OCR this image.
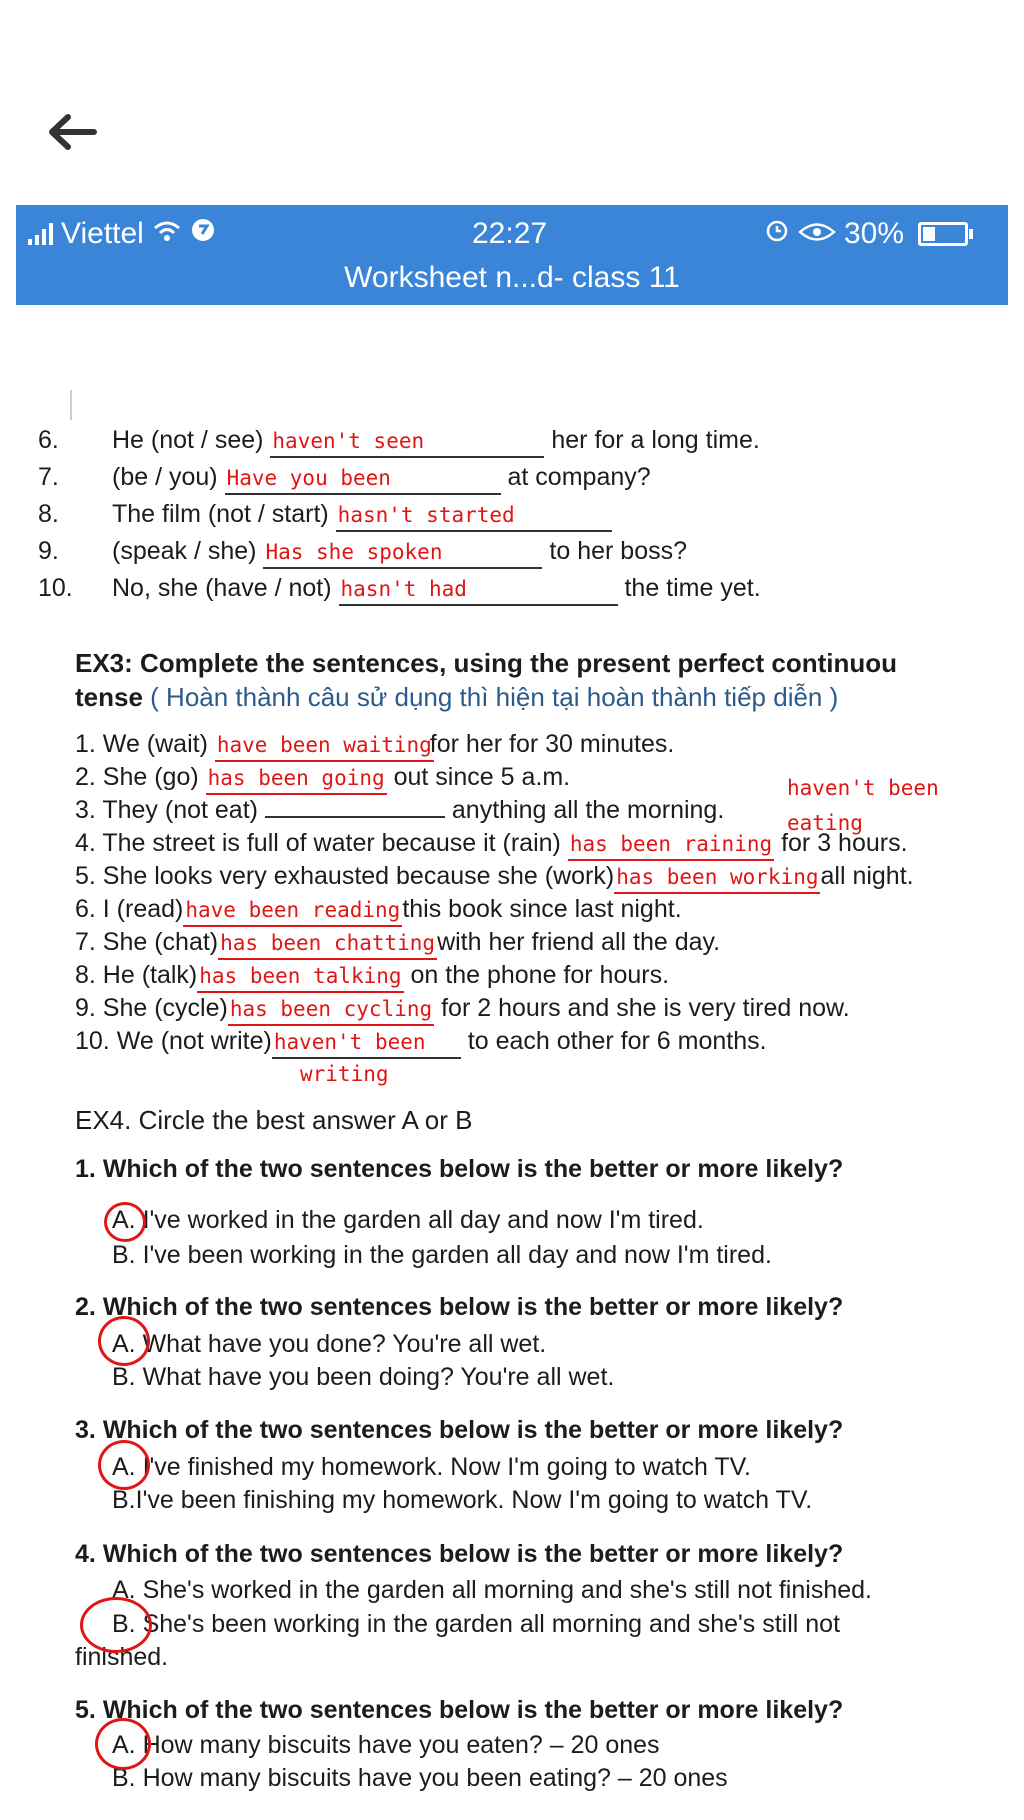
Viettel	22:27	30%
Worksheet n...d- class 11
6. He (not / see) haven't seen	her for a long time.
7. (be / you) Have you been	at company?
8. The film (not / start) hasn't started
9. (speak / she) Has she spoken	to her boss?
10. No, she (have / not) hasn't had	the time yet.
EX3: Complete the sentences, using the present perfect continuou
tense ( Hoàn thành câu sử dụng thì hiện tại hoàn thành tiếp diễn )
1. We (wait) have been waitingfor her for 30 minutes.
2. She (go) has been going out since 5 a.m.
3. They (not eat)	anything all the morning.
4. The street is full of water because it (rain) has been raining for 3 hours.
5. She looks very exhausted because she (work)has been workingall night.
6. I (read)have been readingthis book since last night.
7. She (chat)has been chattingwith her friend all the day.
8. He (talk)has been talking on the phone for hours.
9. She (cycle)has been cycling for 2 hours and she is very tired now.
10. We (not write)haven't been to each other for 6 months.
haven't been
eating
writing
EX4. Circle the best answer A or B
1. Which of the two sentences below is the better or more likely?
A. I've worked in the garden all day and now I'm tired.
B. I've been working in the garden all day and now I'm tired.
2. Which of the two sentences below is the better or more likely?
A. What have you done? You're all wet.
B. What have you been doing? You're all wet.
3. Which of the two sentences below is the better or more likely?
A. I've finished my homework. Now I'm going to watch TV.
B.I've been finishing my homework. Now I'm going to watch TV.
4. Which of the two sentences below is the better or more likely?
A. She's worked in the garden all morning and she's still not finished.
B. She's been working in the garden all morning and she's still not
finished.
5. Which of the two sentences below is the better or more likely?
A. How many biscuits have you eaten? – 20 ones
B. How many biscuits have you been eating? – 20 ones
